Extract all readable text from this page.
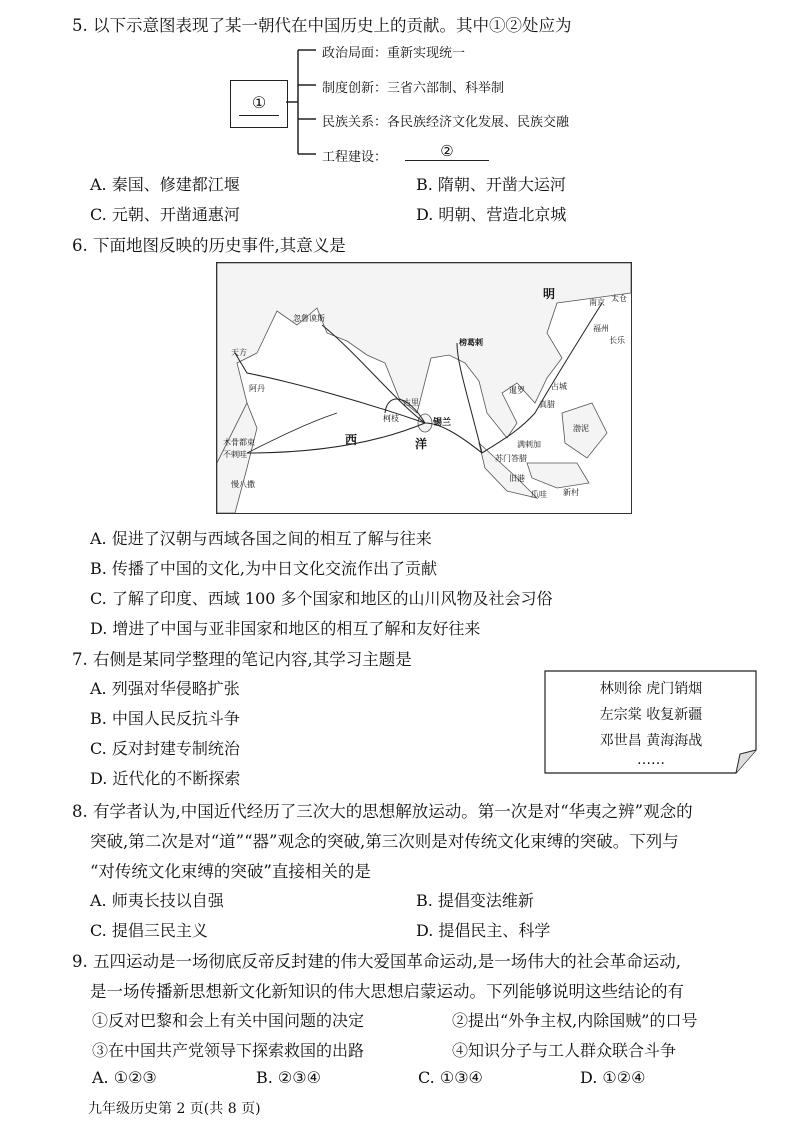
5. 以下示意图表现了某一朝代在中国历史上的贡献。其中①②处应为
①
政治局面：重新实现统一
制度创新：三省六部制、科举制
民族关系：各民族经济文化发展、民族交融
工程建设：	②
A. 秦国、修建都江堰	B. 隋朝、开凿大运河
C. 元朝、开凿通惠河	D. 明朝、营造北京城
6. 下面地图反映的历史事件,其意义是
明
西	洋
忽鲁谟斯
天方
阿丹
木骨都束
不剌哇
慢八撒
古里
柯枝	锡兰
榜葛剌
暹罗
真腊
占城
满剌加
苏门答腊
旧港
爪哇
南京
福州
长乐
太仓
新村
渤泥
A. 促进了汉朝与西域各国之间的相互了解与往来
B. 传播了中国的文化,为中日文化交流作出了贡献
C. 了解了印度、西域 100 多个国家和地区的山川风物及社会习俗
D. 增进了中国与亚非国家和地区的相互了解和友好往来
7. 右侧是某同学整理的笔记内容,其学习主题是
A. 列强对华侵略扩张
B. 中国人民反抗斗争
C. 反对封建专制统治
D. 近代化的不断探索
林则徐 虎门销烟
左宗棠 收复新疆
邓世昌 黄海海战
……
8. 有学者认为,中国近代经历了三次大的思想解放运动。第一次是对“华夷之辨”观念的
突破,第二次是对“道”“器”观念的突破,第三次则是对传统文化束缚的突破。下列与
“对传统文化束缚的突破”直接相关的是
A. 师夷长技以自强	B. 提倡变法维新
C. 提倡三民主义	D. 提倡民主、科学
9. 五四运动是一场彻底反帝反封建的伟大爱国革命运动,是一场伟大的社会革命运动,
是一场传播新思想新文化新知识的伟大思想启蒙运动。下列能够说明这些结论的有
①反对巴黎和会上有关中国问题的决定	②提出“外争主权,内除国贼”的口号
③在中国共产党领导下探索救国的出路	④知识分子与工人群众联合斗争
A. ①②③	B. ②③④	C. ①③④	D. ①②④
九年级历史第 2 页(共 8 页)
